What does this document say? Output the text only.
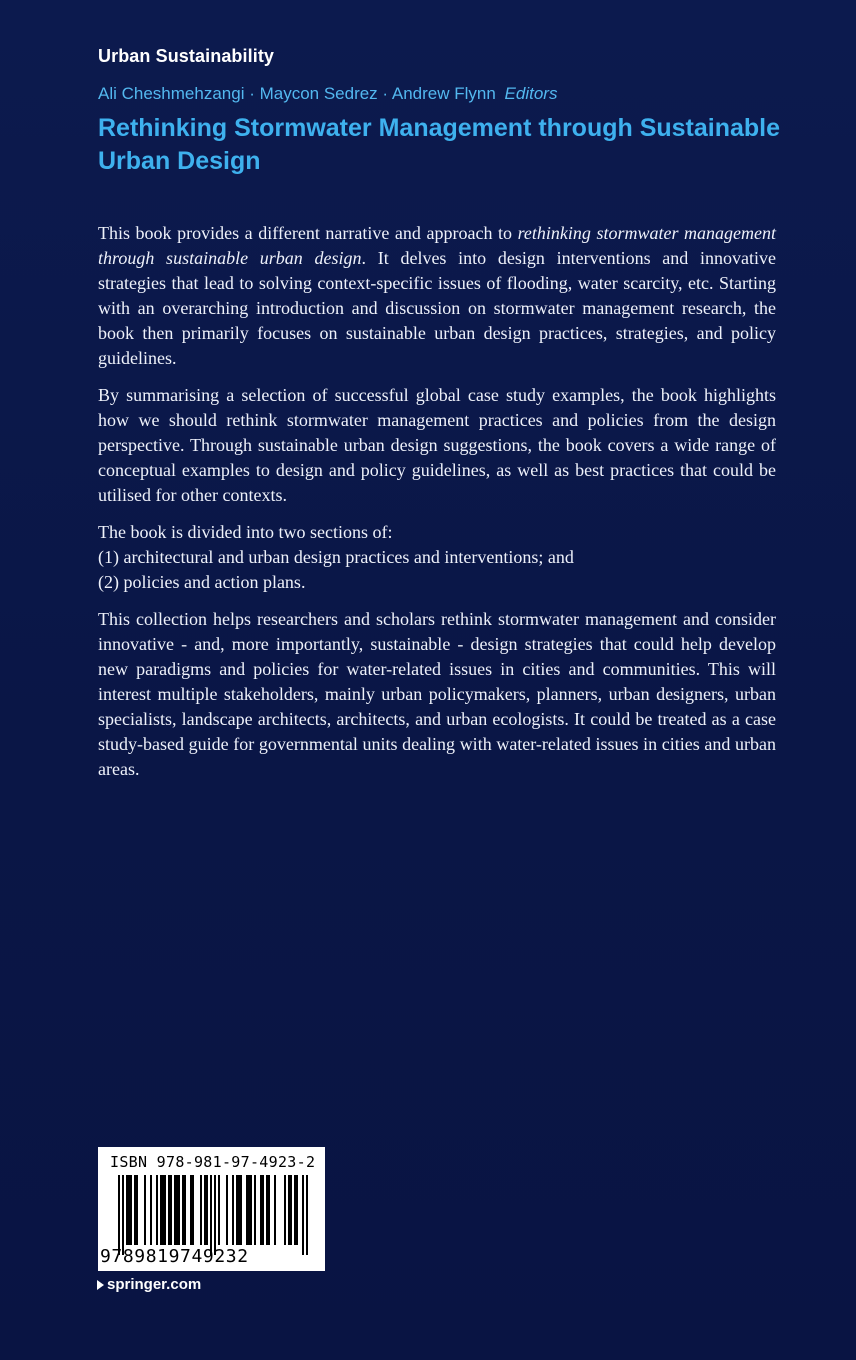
Urban Sustainability
Ali Cheshmehzangi · Maycon Sedrez · Andrew Flynn Editors
Rethinking Stormwater Management through Sustainable Urban Design

This book provides a different narrative and approach to rethinking stormwater management through sustainable urban design. It delves into design interventions and innovative strategies that lead to solving context-specific issues of flooding, water scarcity, etc. Starting with an overarching introduction and discussion on stormwater management research, the book then primarily focuses on sustainable urban design practices, strategies, and policy guidelines.

By summarising a selection of successful global case study examples, the book highlights how we should rethink stormwater management practices and policies from the design perspective. Through sustainable urban design suggestions, the book covers a wide range of conceptual examples to design and policy guidelines, as well as best practices that could be utilised for other contexts.

The book is divided into two sections of:
(1) architectural and urban design practices and interventions; and
(2) policies and action plans.

This collection helps researchers and scholars rethink stormwater management and consider innovative - and, more importantly, sustainable - design strategies that could help develop new paradigms and policies for water-related issues in cities and communities. This will interest multiple stakeholders, mainly urban policymakers, planners, urban designers, urban specialists, landscape architects, architects, and urban ecologists. It could be treated as a case study-based guide for governmental units dealing with water-related issues in cities and urban areas.

ISBN 978-981-97-4923-2
9789819749232
springer.com
